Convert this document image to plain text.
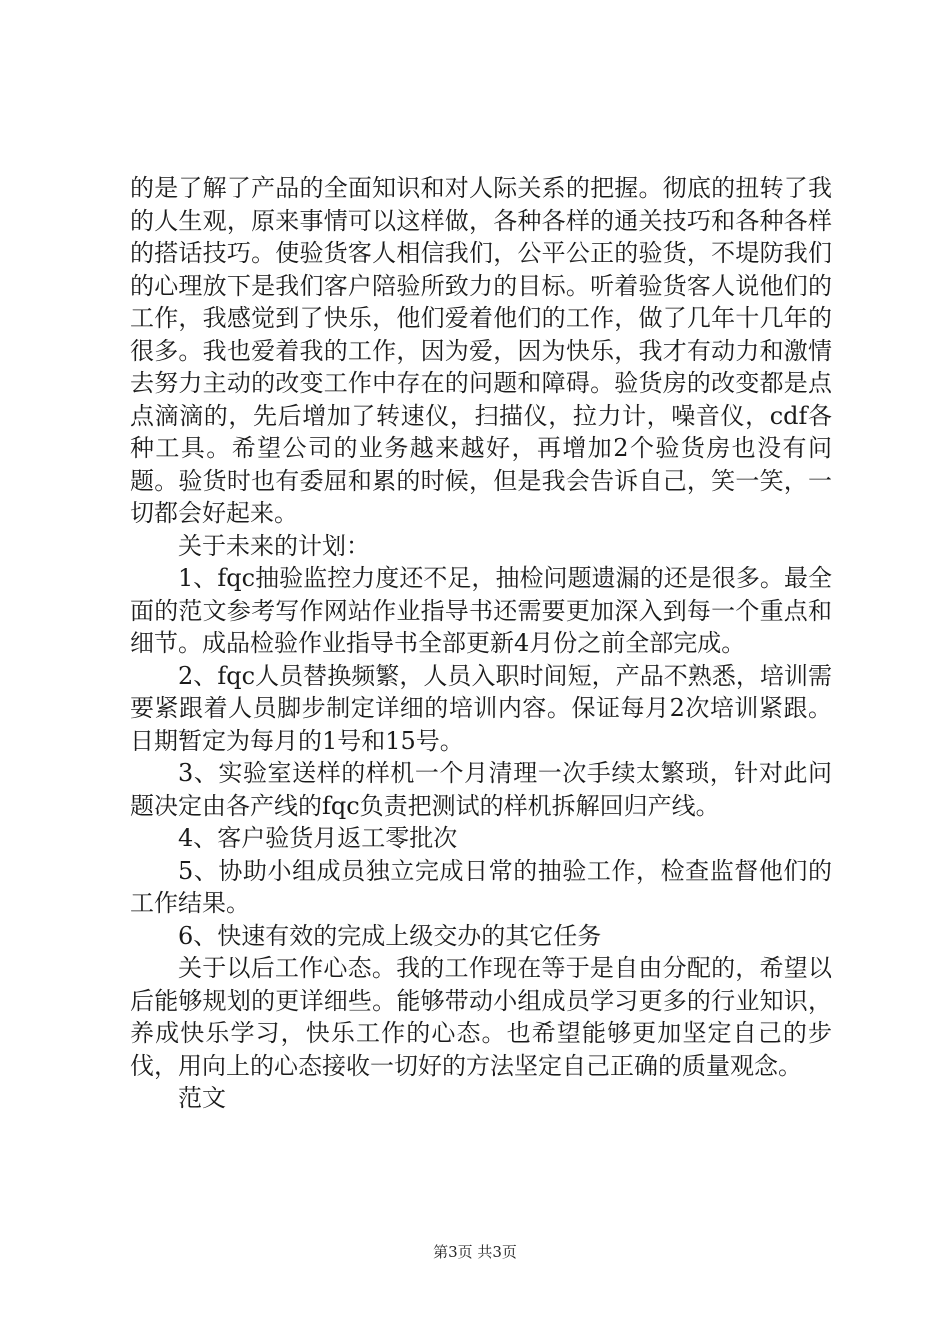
的是了解了产品的全面知识和对人际关系的把握。彻底的扭转了我的人生观，原来事情可以这样做，各种各样的通关技巧和各种各样的搭话技巧。使验货客人相信我们，公平公正的验货，不堤防我们的心理放下是我们客户陪验所致力的目标。听着验货客人说他们的工作，我感觉到了快乐，他们爱着他们的工作，做了几年十几年的很多。我也爱着我的工作，因为爱，因为快乐，我才有动力和激情去努力主动的改变工作中存在的问题和障碍。验货房的改变都是点点滴滴的，先后增加了转速仪，扫描仪，拉力计，噪音仪，cdf各种工具。希望公司的业务越来越好，再增加2个验货房也没有问题。验货时也有委屈和累的时候，但是我会告诉自己，笑一笑，一切都会好起来。

关于未来的计划：

1、fqc抽验监控力度还不足，抽检问题遗漏的还是很多。最全面的范文参考写作网站作业指导书还需要更加深入到每一个重点和细节。成品检验作业指导书全部更新4月份之前全部完成。

2、fqc人员替换频繁，人员入职时间短，产品不熟悉，培训需要紧跟着人员脚步制定详细的培训内容。保证每月2次培训紧跟。日期暂定为每月的1号和15号。

3、实验室送样的样机一个月清理一次手续太繁琐，针对此问题决定由各产线的fqc负责把测试的样机拆解回归产线。

4、客户验货月返工零批次

5、协助小组成员独立完成日常的抽验工作，检查监督他们的工作结果。

6、快速有效的完成上级交办的其它任务

关于以后工作心态。我的工作现在等于是自由分配的，希望以后能够规划的更详细些。能够带动小组成员学习更多的行业知识，养成快乐学习，快乐工作的心态。也希望能够更加坚定自己的步伐，用向上的心态接收一切好的方法坚定自己正确的质量观念。

范文

第3页 共3页
